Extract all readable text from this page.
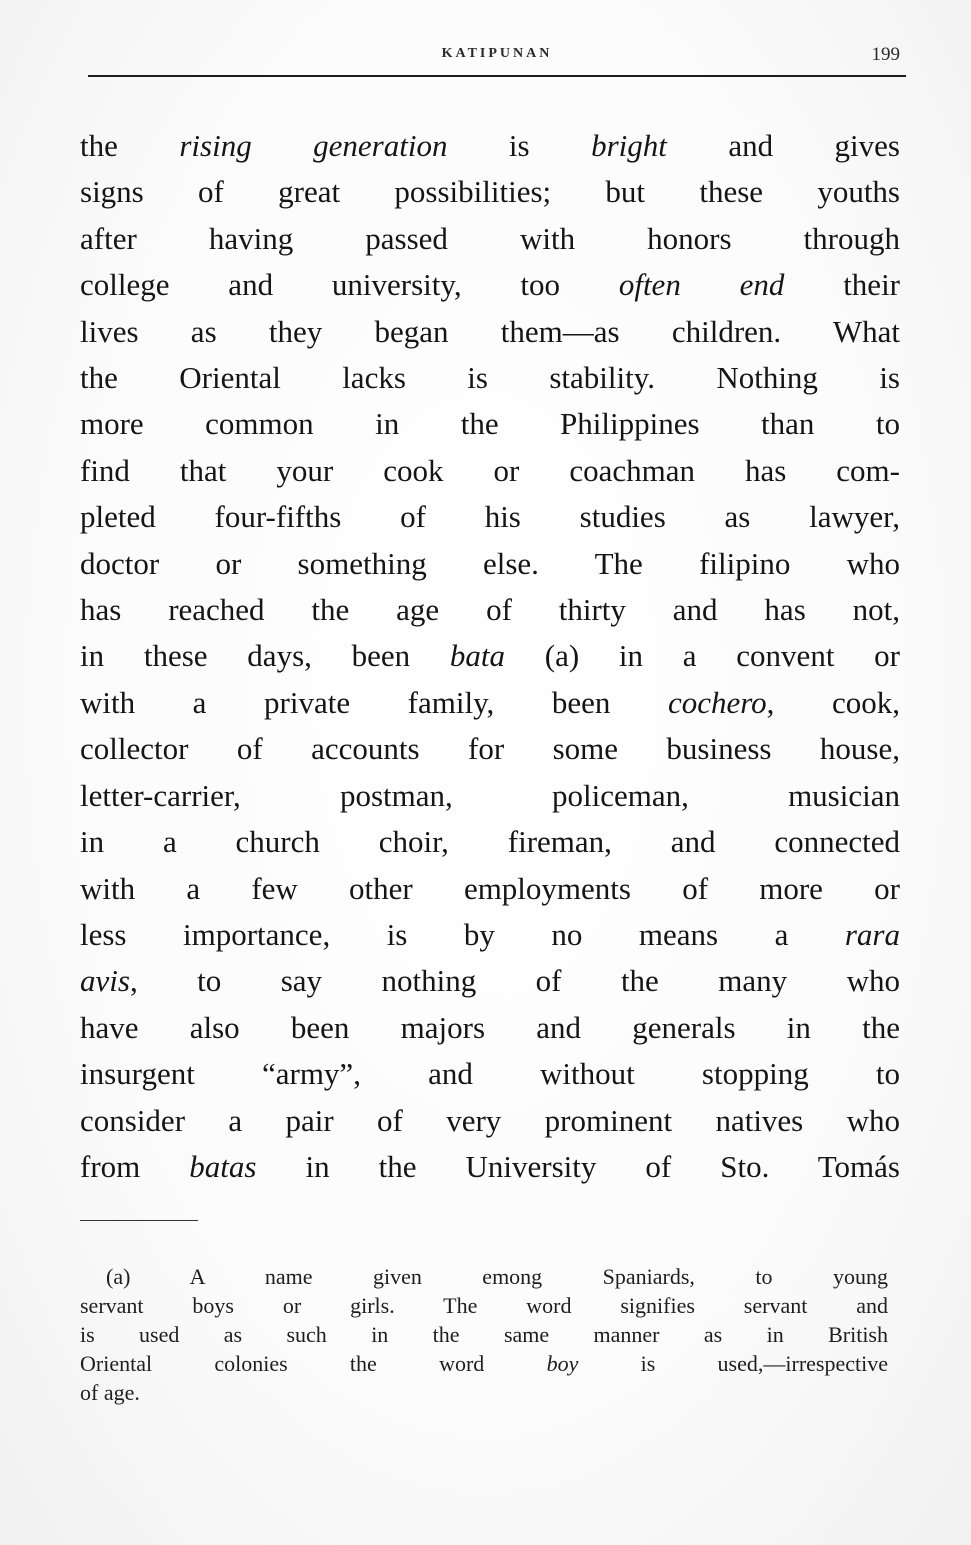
KATIPUNAN	199
the rising generation is bright and gives
signs of great possibilities; but these youths
after having passed with honors through
college and university, too often end their
lives as they began them—as children. What
the Oriental lacks is stability. Nothing is
more common in the Philippines than to
find that your cook or coachman has com-
pleted four-fifths of his studies as lawyer,
doctor or something else. The filipino who
has reached the age of thirty and has not,
in these days, been bata (a) in a convent or
with a private family, been cochero, cook,
collector of accounts for some business house,
letter-carrier, postman, policeman, musician
in a church choir, fireman, and connected
with a few other employments of more or
less importance, is by no means a rara
avis, to say nothing of the many who
have also been majors and generals in the
insurgent “army”, and without stopping to
consider a pair of very prominent natives who
from batas in the University of Sto. Tomás
(a) A name given emong Spaniards, to young
servant boys or girls. The word signifies servant and
is used as such in the same manner as in British
Oriental colonies the word boy is used,—irrespective
of age.
